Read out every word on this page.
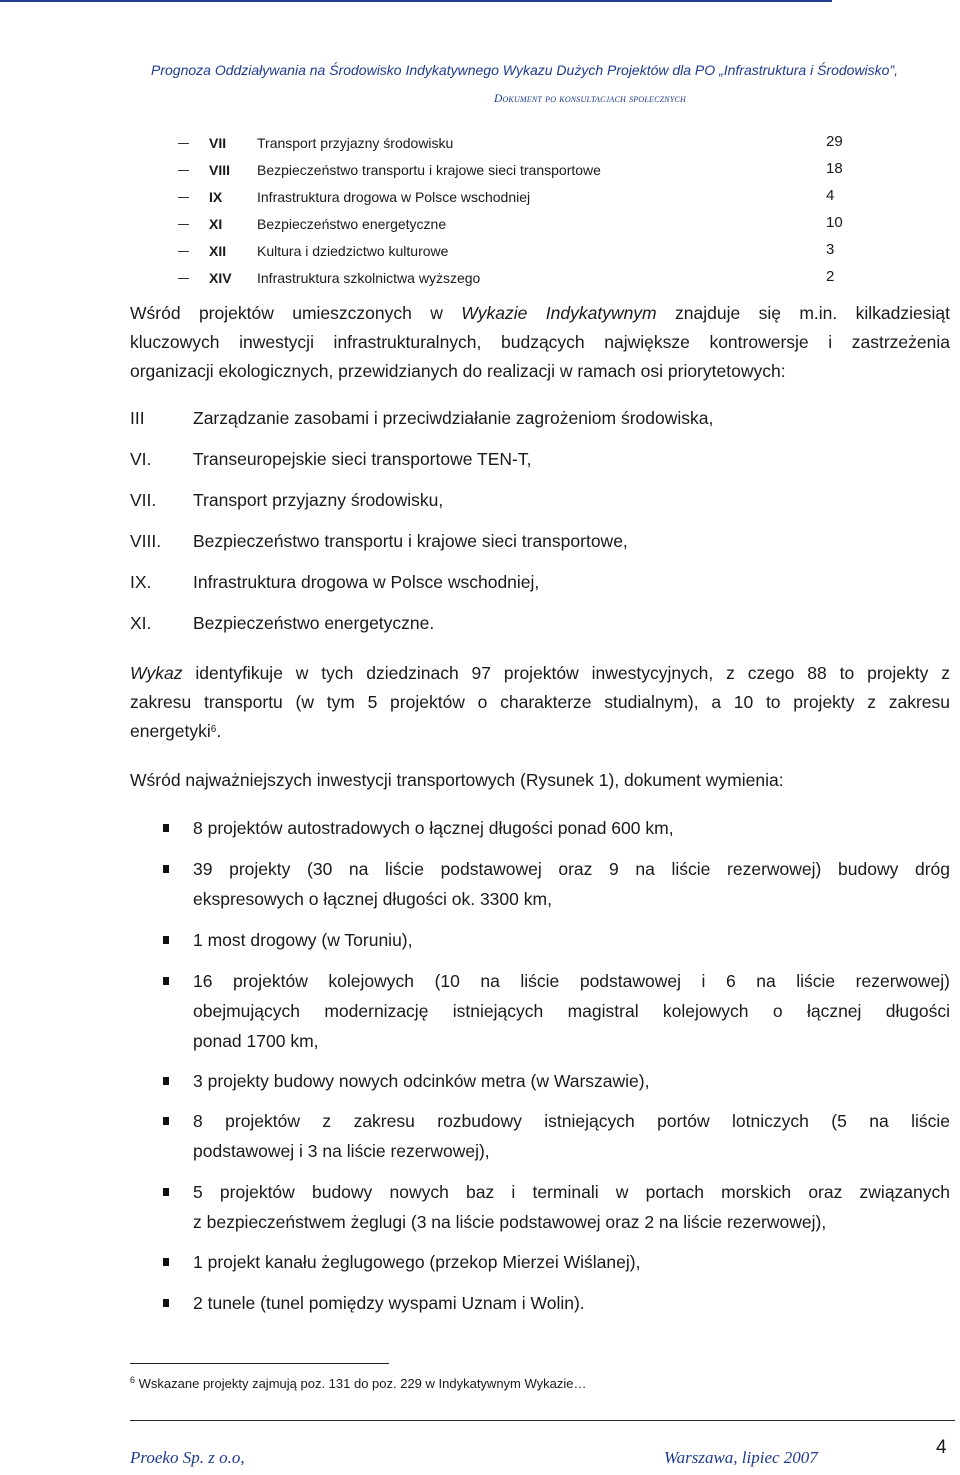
Prognoza Oddziaływania na Środowisko Indykatywnego Wykazu Dużych Projektów dla PO „Infrastruktura i Środowisko”,
Dokument po konsultacjach społecznych
VII Transport przyjazny środowisku	29
VIII Bezpieczeństwo transportu i krajowe sieci transportowe	18
IX Infrastruktura drogowa w Polsce wschodniej	4
XI Bezpieczeństwo energetyczne	10
XII Kultura i dziedzictwo kulturowe	3
XIV Infrastruktura szkolnictwa wyższego	2
Wśród projektów umieszczonych w Wykazie Indykatywnym znajduje się m.in. kilkadziesiąt
kluczowych inwestycji infrastrukturalnych, budzących największe kontrowersje i zastrzeżenia
organizacji ekologicznych, przewidzianych do realizacji w ramach osi priorytetowych:
III	Zarządzanie zasobami i przeciwdziałanie zagrożeniom środowiska,
VI. Transeuropejskie sieci transportowe TEN-T,
VII. Transport przyjazny środowisku,
VIII. Bezpieczeństwo transportu i krajowe sieci transportowe,
IX. Infrastruktura drogowa w Polsce wschodniej,
XI. Bezpieczeństwo energetyczne.
Wykaz identyfikuje w tych dziedzinach 97 projektów inwestycyjnych, z czego 88 to projekty z
zakresu transportu (w tym 5 projektów o charakterze studialnym), a 10 to projekty z zakresu
energetyki$^6$.
Wśród najważniejszych inwestycji transportowych (Rysunek 1), dokument wymienia:
8 projektów autostradowych o łącznej długości ponad 600 km,
39 projekty (30 na liście podstawowej oraz 9 na liście rezerwowej) budowy dróg
ekspresowych o łącznej długości ok. 3300 km,
1 most drogowy (w Toruniu),
16 projektów kolejowych (10 na liście podstawowej i 6 na liście rezerwowej)
obejmujących modernizację istniejących magistral kolejowych o łącznej długości
ponad 1700 km,
3 projekty budowy nowych odcinków metra (w Warszawie),
8 projektów z zakresu rozbudowy istniejących portów lotniczych (5 na liście
podstawowej i 3 na liście rezerwowej),
5 projektów budowy nowych baz i terminali w portach morskich oraz związanych
z bezpieczeństwem żeglugi (3 na liście podstawowej oraz 2 na liście rezerwowej),
1 projekt kanału żeglugowego (przekop Mierzei Wiślanej),
2 tunele (tunel pomiędzy wyspami Uznam i Wolin).
$^6$ Wskazane projekty zajmują poz. 131 do poz. 229 w Indykatywnym Wykazie…
Proeko Sp. z o.o,	Warszawa, lipiec 2007	4
